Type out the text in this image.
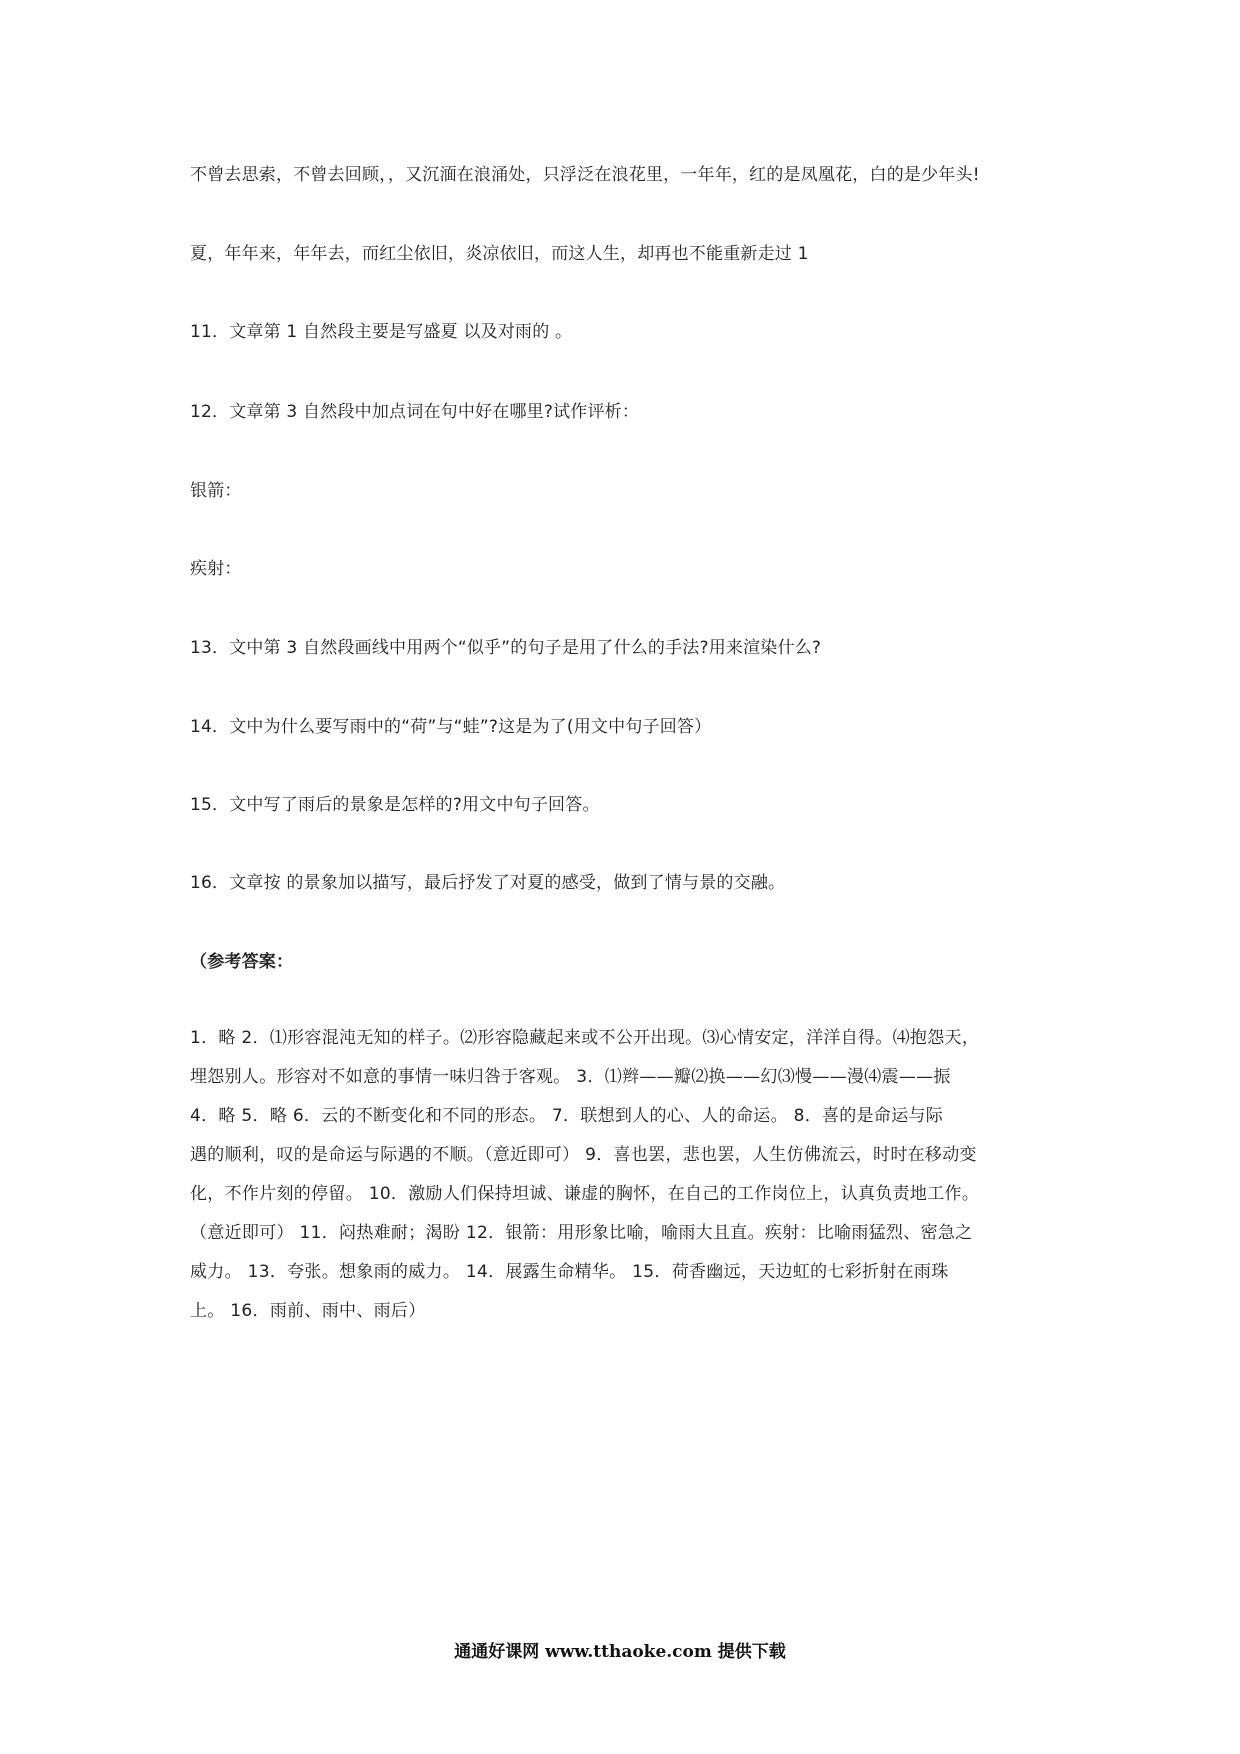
不曾去思索，不曾去回顾，，又沉湎在浪涌处，只浮泛在浪花里，一年年，红的是凤凰花，白的是少年头!
夏，年年来，年年去，而红尘依旧，炎凉依旧，而这人生，却再也不能重新走过 1
11．文章第 1 自然段主要是写盛夏 以及对雨的 。
12．文章第 3 自然段中加点词在句中好在哪里?试作评析：
银箭：
疾射：
13．文中第 3 自然段画线中用两个“似乎”的句子是用了什么的手法?用来渲染什么?
14．文中为什么要写雨中的“荷”与“蛙”?这是为了(用文中句子回答）
15．文中写了雨后的景象是怎样的?用文中句子回答。
16．文章按 的景象加以描写，最后抒发了对夏的感受，做到了情与景的交融。
（参考答案：
1．略 2．⑴形容混沌无知的样子。⑵形容隐藏起来或不公开出现。⑶心情安定，洋洋自得。⑷抱怨天，
埋怨别人。形容对不如意的事情一味归咎于客观。 3．⑴辫——瓣⑵换——幻⑶慢——漫⑷震——振
4．略 5．略 6．云的不断变化和不同的形态。 7．联想到人的心、人的命运。 8．喜的是命运与际
遇的顺利，叹的是命运与际遇的不顺。（意近即可） 9．喜也罢，悲也罢，人生仿佛流云，时时在移动变
化，不作片刻的停留。 10．激励人们保持坦诚、谦虚的胸怀，在自己的工作岗位上，认真负责地工作。
（意近即可） 11．闷热难耐；渴盼 12．银箭：用形象比喻，喻雨大且直。疾射：比喻雨猛烈、密急之
威力。 13．夸张。想象雨的威力。 14．展露生命精华。 15．荷香幽远，天边虹的七彩折射在雨珠
上。 16．雨前、雨中、雨后）
通通好课网 www.tthaoke.com 提供下载
